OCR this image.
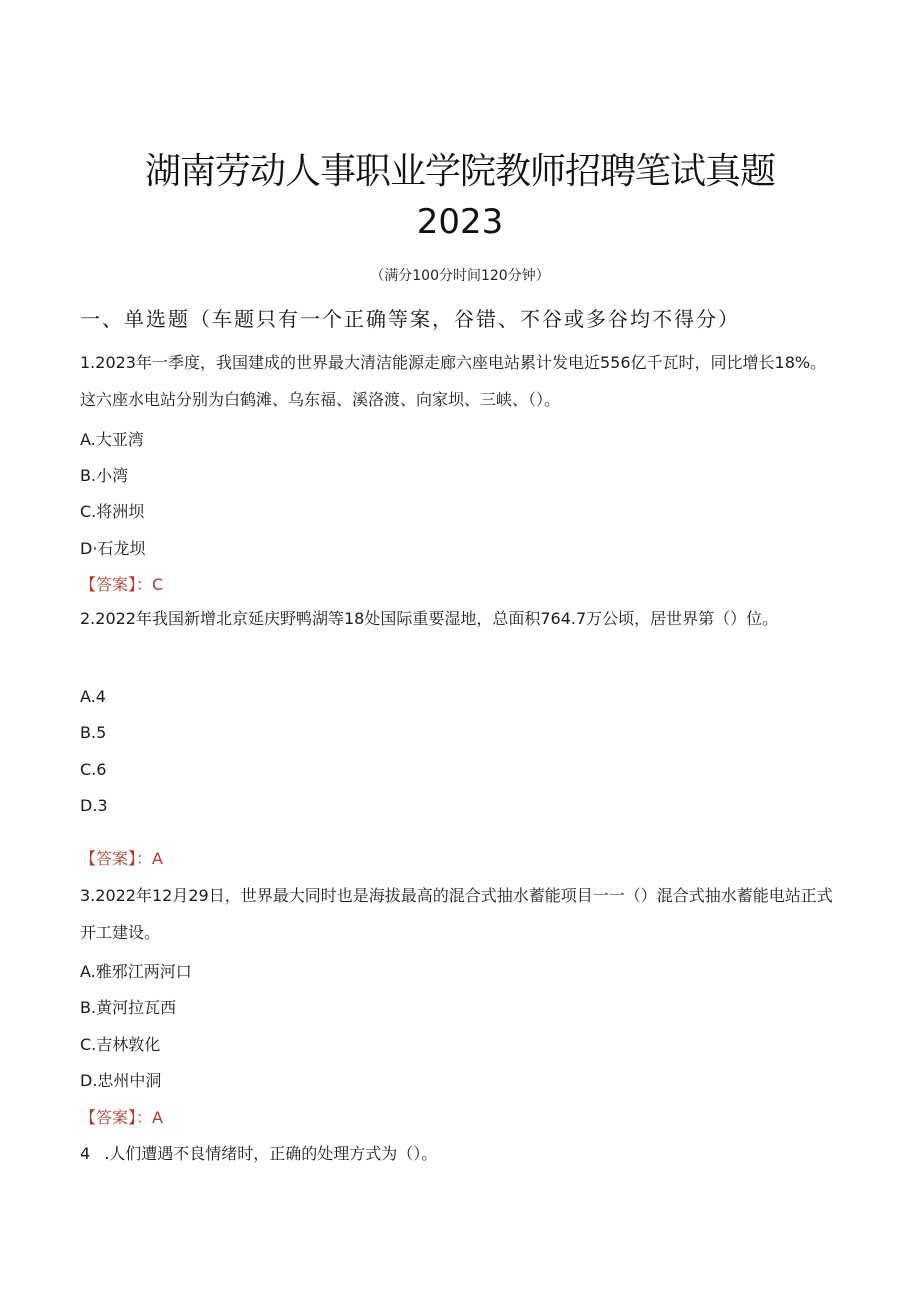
湖南劳动人事职业学院教师招聘笔试真题
2023
（满分100分时间120分钟）
一、单选题（车题只有一个正确等案，谷错、不谷或多谷均不得分）
1.2023年一季度，我国建成的世界最大清洁能源走廊六座电站累计发电近556亿千瓦时，同比增长18%。这六座水电站分别为白鹤滩、乌东福、溪洛渡、向家坝、三峡、（）。
A.大亚湾
B.小湾
C.将洲坝
D·石龙坝
【答案】：C
2.2022年我国新增北京延庆野鸭湖等18处国际重要湿地，总面积764.7万公顷，居世界第（）位。
A.4
B.5
C.6
D.3
【答案】：A
3.2022年12月29日，世界最大同时也是海拔最高的混合式抽水蓄能项目一一（）混合式抽水蓄能电站正式开工建设。
A.雅邪江两河口
B.黄河拉瓦西
C.吉林敦化
D.忠州中洞
【答案】：A
4 .人们遭遇不良情绪时，正确的处理方式为（）。
